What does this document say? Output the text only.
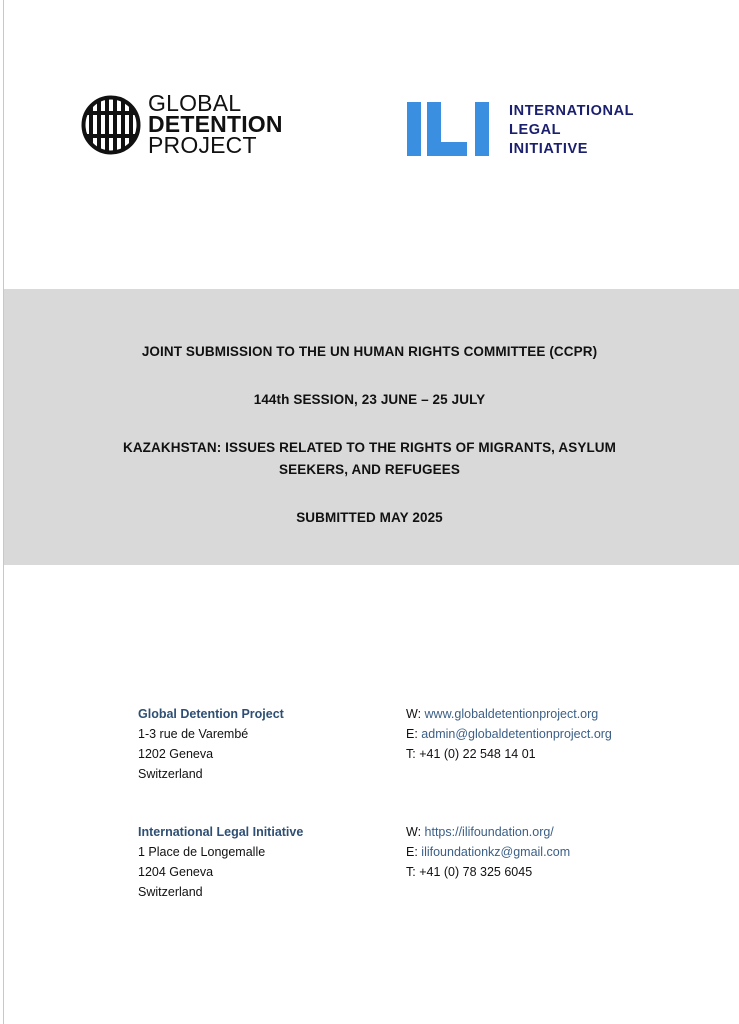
GLOBAL
DETENTION
PROJECT
INTERNATIONAL
LEGAL
INITIATIVE
JOINT SUBMISSION TO THE UN HUMAN RIGHTS COMMITTEE (CCPR)
144th SESSION, 23 JUNE – 25 JULY
KAZAKHSTAN: ISSUES RELATED TO THE RIGHTS OF MIGRANTS, ASYLUM
SEEKERS, AND REFUGEES
SUBMITTED MAY 2025
Global Detention Project
1-3 rue de Varembé
1202 Geneva
Switzerland
W: www.globaldetentionproject.org
E: admin@globaldetentionproject.org
T: +41 (0) 22 548 14 01
International Legal Initiative
1 Place de Longemalle
1204 Geneva
Switzerland
W: https://ilifoundation.org/
E: ilifoundationkz@gmail.com
T: +41 (0) 78 325 6045
